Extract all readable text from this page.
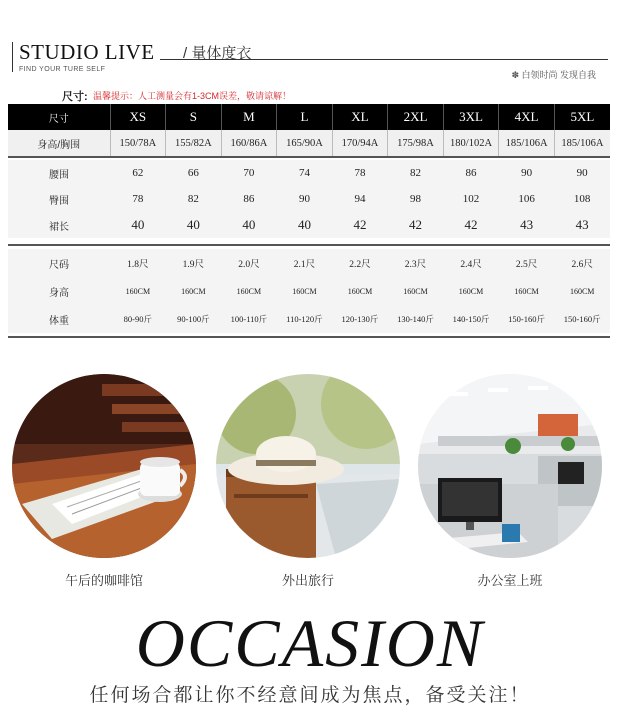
STUDIO LIVE
FIND YOUR TURE SELF
/ 量体度衣
✽ 白领时尚 发现自我
尺寸: 温馨提示：人工测量会有1-3CM误差，敬请谅解！
尺寸	XS	S	M	L	XL	2XL	3XL	4XL	5XL
身高/胸围	150/78A	155/82A	160/86A	165/90A	170/94A	175/98A	180/102A	185/106A	185/106A
腰围	62	66	70	74	78	82	86	90	90
臀围	78	82	86	90	94	98	102	106	108
裙长	40	40	40	40	42	42	42	43	43
尺码	1.8尺	1.9尺	2.0尺	2.1尺	2.2尺	2.3尺	2.4尺	2.5尺	2.6尺
身高	160CM	160CM	160CM	160CM	160CM	160CM	160CM	160CM	160CM
体重	80-90斤	90-100斤	100-110斤	110-120斤	120-130斤	130-140斤	140-150斤	150-160斤	150-160斤
午后的咖啡馆	外出旅行	办公室上班
OCCASION
任何场合都让你不经意间成为焦点，备受关注！
